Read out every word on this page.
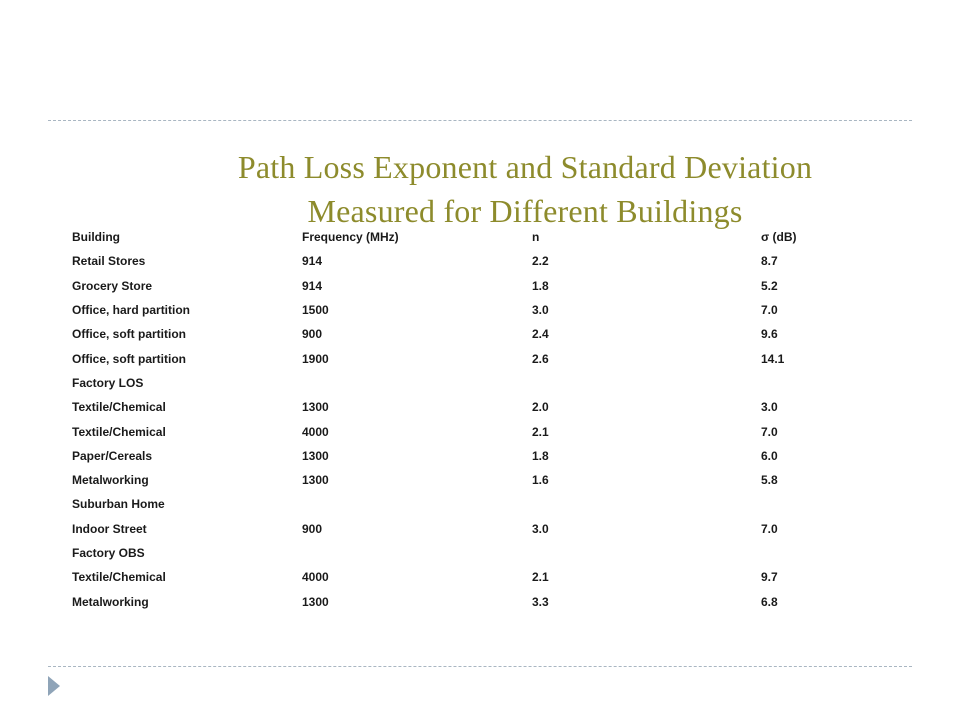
Path Loss Exponent and Standard Deviation
Measured for Different Buildings
Building	Frequency (MHz)	n	σ (dB)
Retail Stores	914	2.2	8.7
Grocery Store	914	1.8	5.2
Office, hard partition	1500	3.0	7.0
Office, soft partition	900	2.4	9.6
Office, soft partition	1900	2.6	14.1
Factory LOS			
Textile/Chemical	1300	2.0	3.0
Textile/Chemical	4000	2.1	7.0
Paper/Cereals	1300	1.8	6.0
Metalworking	1300	1.6	5.8
Suburban Home			
Indoor Street	900	3.0	7.0
Factory OBS			
Textile/Chemical	4000	2.1	9.7
Metalworking	1300	3.3	6.8
